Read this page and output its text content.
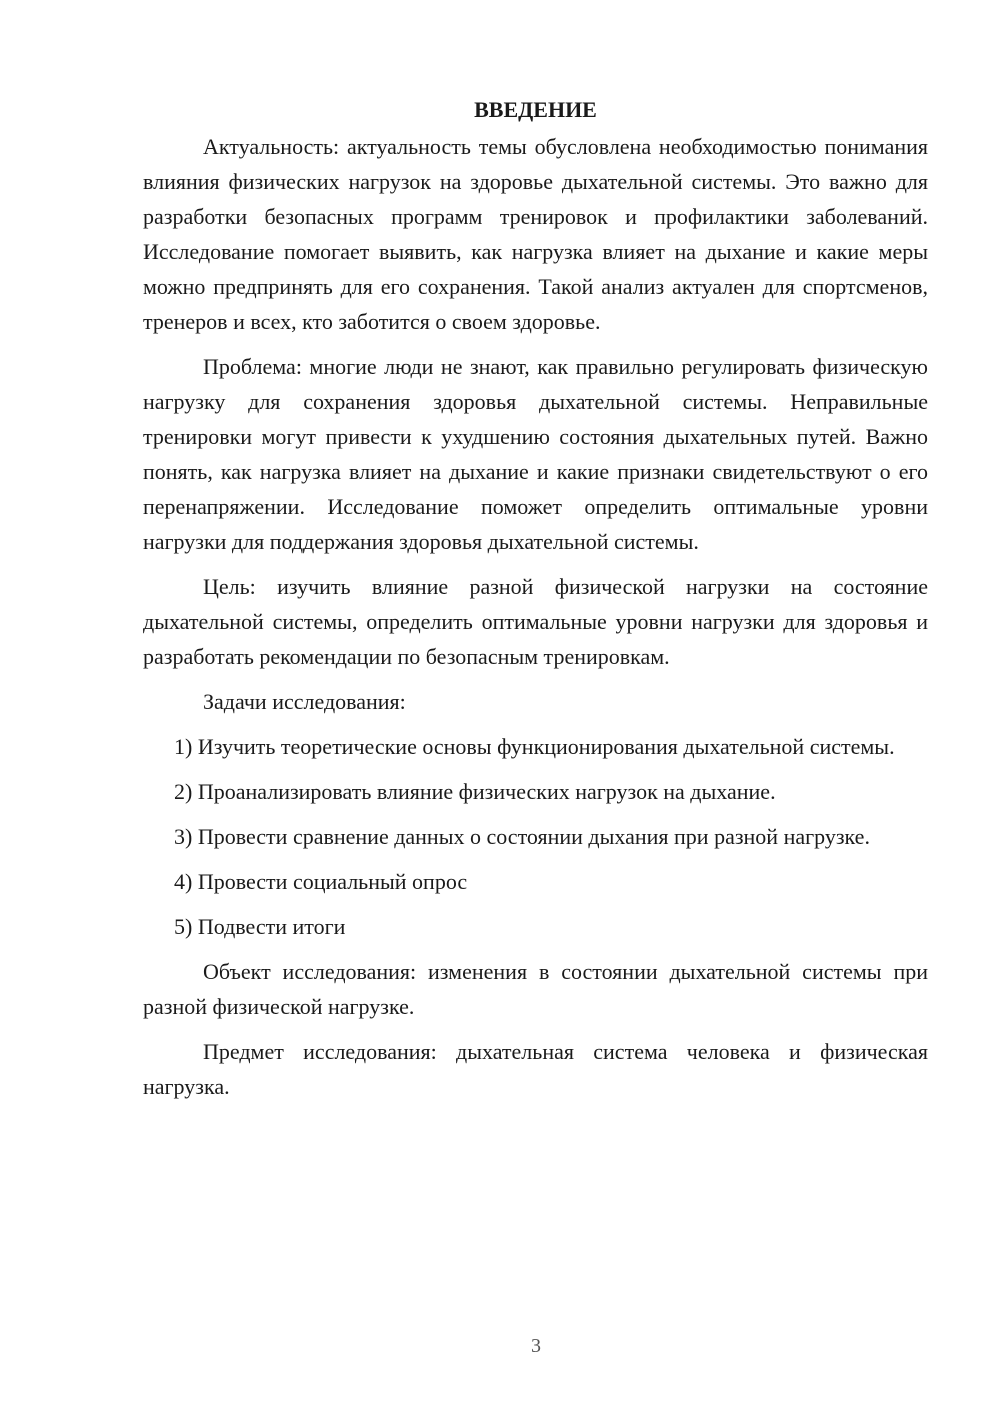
ВВЕДЕНИЕ

Актуальность: актуальность темы обусловлена необходимостью понимания влияния физических нагрузок на здоровье дыхательной системы. Это важно для разработки безопасных программ тренировок и профилактики заболеваний. Исследование помогает выявить, как нагрузка влияет на дыхание и какие меры можно предпринять для его сохранения. Такой анализ актуален для спортсменов, тренеров и всех, кто заботится о своем здоровье.

Проблема: многие люди не знают, как правильно регулировать физическую нагрузку для сохранения здоровья дыхательной системы. Неправильные тренировки могут привести к ухудшению состояния дыхательных путей. Важно понять, как нагрузка влияет на дыхание и какие признаки свидетельствуют о его перенапряжении. Исследование поможет определить оптимальные уровни нагрузки для поддержания здоровья дыхательной системы.

Цель: изучить влияние разной физической нагрузки на состояние дыхательной системы, определить оптимальные уровни нагрузки для здоровья и разработать рекомендации по безопасным тренировкам.

Задачи исследования:

1) Изучить теоретические основы функционирования дыхательной системы.

2) Проанализировать влияние физических нагрузок на дыхание.

3) Провести сравнение данных о состоянии дыхания при разной нагрузке.

4) Провести социальный опрос

5) Подвести итоги

Объект исследования: изменения в состоянии дыхательной системы при разной физической нагрузке.

Предмет исследования: дыхательная система человека и физическая нагрузка.

3
